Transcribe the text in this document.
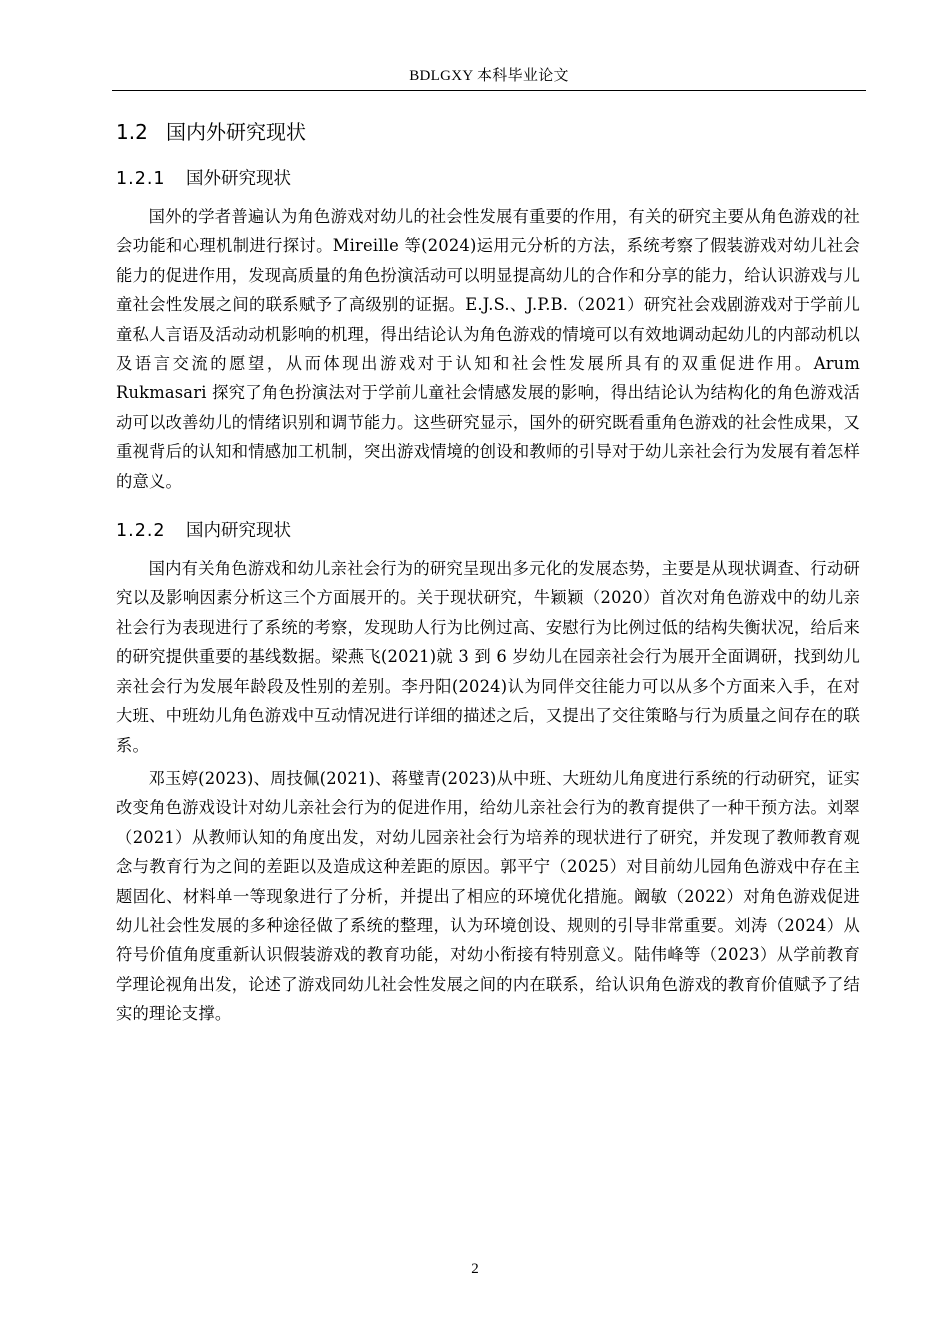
BDLGXY 本科毕业论文
1.2 国内外研究现状
1.2.1 国外研究现状

国外的学者普遍认为角色游戏对幼儿的社会性发展有重要的作用，有关的研究主要从角色游戏的社会功能和心理机制进行探讨。Mireille 等(2024)运用元分析的方法，系统考察了假装游戏对幼儿社会能力的促进作用，发现高质量的角色扮演活动可以明显提高幼儿的合作和分享的能力，给认识游戏与儿童社会性发展之间的联系赋予了高级别的证据。E.J.S.、J.P.B.（2021）研究社会戏剧游戏对于学前儿童私人言语及活动动机影响的机理，得出结论认为角色游戏的情境可以有效地调动起幼儿的内部动机以及语言交流的愿望，从而体现出游戏对于认知和社会性发展所具有的双重促进作用。Arum Rukmasari 探究了角色扮演法对于学前儿童社会情感发展的影响，得出结论认为结构化的角色游戏活动可以改善幼儿的情绪识别和调节能力。这些研究显示，国外的研究既看重角色游戏的社会性成果，又重视背后的认知和情感加工机制，突出游戏情境的创设和教师的引导对于幼儿亲社会行为发展有着怎样的意义。

1.2.2 国内研究现状

国内有关角色游戏和幼儿亲社会行为的研究呈现出多元化的发展态势，主要是从现状调查、行动研究以及影响因素分析这三个方面展开的。关于现状研究，牛颖颖（2020）首次对角色游戏中的幼儿亲社会行为表现进行了系统的考察，发现助人行为比例过高、安慰行为比例过低的结构失衡状况，给后来的研究提供重要的基线数据。梁燕飞(2021)就 3 到 6 岁幼儿在园亲社会行为展开全面调研，找到幼儿亲社会行为发展年龄段及性别的差别。李丹阳(2024)认为同伴交往能力可以从多个方面来入手，在对大班、中班幼儿角色游戏中互动情况进行详细的描述之后，又提出了交往策略与行为质量之间存在的联系。

邓玉婷(2023)、周技佩(2021)、蒋璧青(2023)从中班、大班幼儿角度进行系统的行动研究，证实改变角色游戏设计对幼儿亲社会行为的促进作用，给幼儿亲社会行为的教育提供了一种干预方法。刘翠（2021）从教师认知的角度出发，对幼儿园亲社会行为培养的现状进行了研究，并发现了教师教育观念与教育行为之间的差距以及造成这种差距的原因。郭平宁（2025）对目前幼儿园角色游戏中存在主题固化、材料单一等现象进行了分析，并提出了相应的环境优化措施。阚敏（2022）对角色游戏促进幼儿社会性发展的多种途径做了系统的整理，认为环境创设、规则的引导非常重要。刘涛（2024）从符号价值角度重新认识假装游戏的教育功能，对幼小衔接有特别意义。陆伟峰等（2023）从学前教育学理论视角出发，论述了游戏同幼儿社会性发展之间的内在联系，给认识角色游戏的教育价值赋予了结实的理论支撑。

2
